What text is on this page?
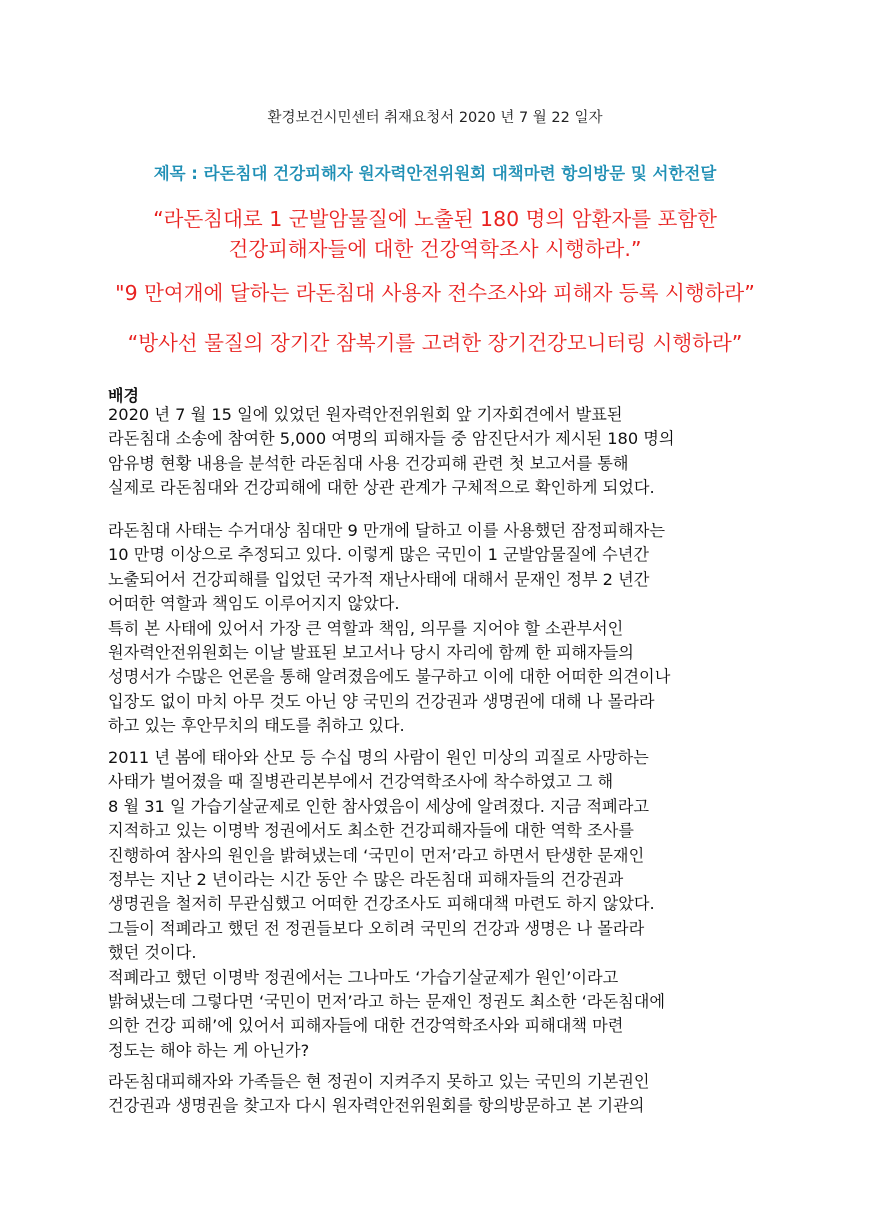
환경보건시민센터 취재요청서 2020 년 7 월 22 일자
제목 : 라돈침대 건강피해자 원자력안전위원회 대책마련 항의방문 및 서한전달
“라돈침대로 1 군발암물질에 노출된 180 명의 암환자를 포함한
건강피해자들에 대한 건강역학조사 시행하라.”
"9 만여개에 달하는 라돈침대 사용자 전수조사와 피해자 등록 시행하라”
“방사선 물질의 장기간 잠복기를 고려한 장기건강모니터링 시행하라”
배경
2020 년 7 월 15 일에 있었던 원자력안전위원회 앞 기자회견에서 발표된
라돈침대 소송에 참여한 5,000 여명의 피해자들 중 암진단서가 제시된 180 명의
암유병 현황 내용을 분석한 라돈침대 사용 건강피해 관련 첫 보고서를 통해
실제로 라돈침대와 건강피해에 대한 상관 관계가 구체적으로 확인하게 되었다.
라돈침대 사태는 수거대상 침대만 9 만개에 달하고 이를 사용했던 잠정피해자는
10 만명 이상으로 추정되고 있다. 이렇게 많은 국민이 1 군발암물질에 수년간
노출되어서 건강피해를 입었던 국가적 재난사태에 대해서 문재인 정부 2 년간
어떠한 역할과 책임도 이루어지지 않았다.
특히 본 사태에 있어서 가장 큰 역할과 책임, 의무를 지어야 할 소관부서인
원자력안전위원회는 이날 발표된 보고서나 당시 자리에 함께 한 피해자들의
성명서가 수많은 언론을 통해 알려졌음에도 불구하고 이에 대한 어떠한 의견이나
입장도 없이 마치 아무 것도 아닌 양 국민의 건강권과 생명권에 대해 나 몰라라
하고 있는 후안무치의 태도를 취하고 있다.
2011 년 봄에 태아와 산모 등 수십 명의 사람이 원인 미상의 괴질로 사망하는
사태가 벌어졌을 때 질병관리본부에서 건강역학조사에 착수하였고 그 해
8 월 31 일 가습기살균제로 인한 참사였음이 세상에 알려졌다. 지금 적폐라고
지적하고 있는 이명박 정권에서도 최소한 건강피해자들에 대한 역학 조사를
진행하여 참사의 원인을 밝혀냈는데 ‘국민이 먼저’라고 하면서 탄생한 문재인
정부는 지난 2 년이라는 시간 동안 수 많은 라돈침대 피해자들의 건강권과
생명권을 철저히 무관심했고 어떠한 건강조사도 피해대책 마련도 하지 않았다.
그들이 적폐라고 했던 전 정권들보다 오히려 국민의 건강과 생명은 나 몰라라
했던 것이다.
적폐라고 했던 이명박 정권에서는 그나마도 ‘가습기살균제가 원인’이라고
밝혀냈는데 그렇다면 ‘국민이 먼저’라고 하는 문재인 정권도 최소한 ‘라돈침대에
의한 건강 피해’에 있어서 피해자들에 대한 건강역학조사와 피해대책 마련
정도는 해야 하는 게 아닌가?
라돈침대피해자와 가족들은 현 정권이 지켜주지 못하고 있는 국민의 기본권인
건강권과 생명권을 찾고자 다시 원자력안전위원회를 항의방문하고 본 기관의
